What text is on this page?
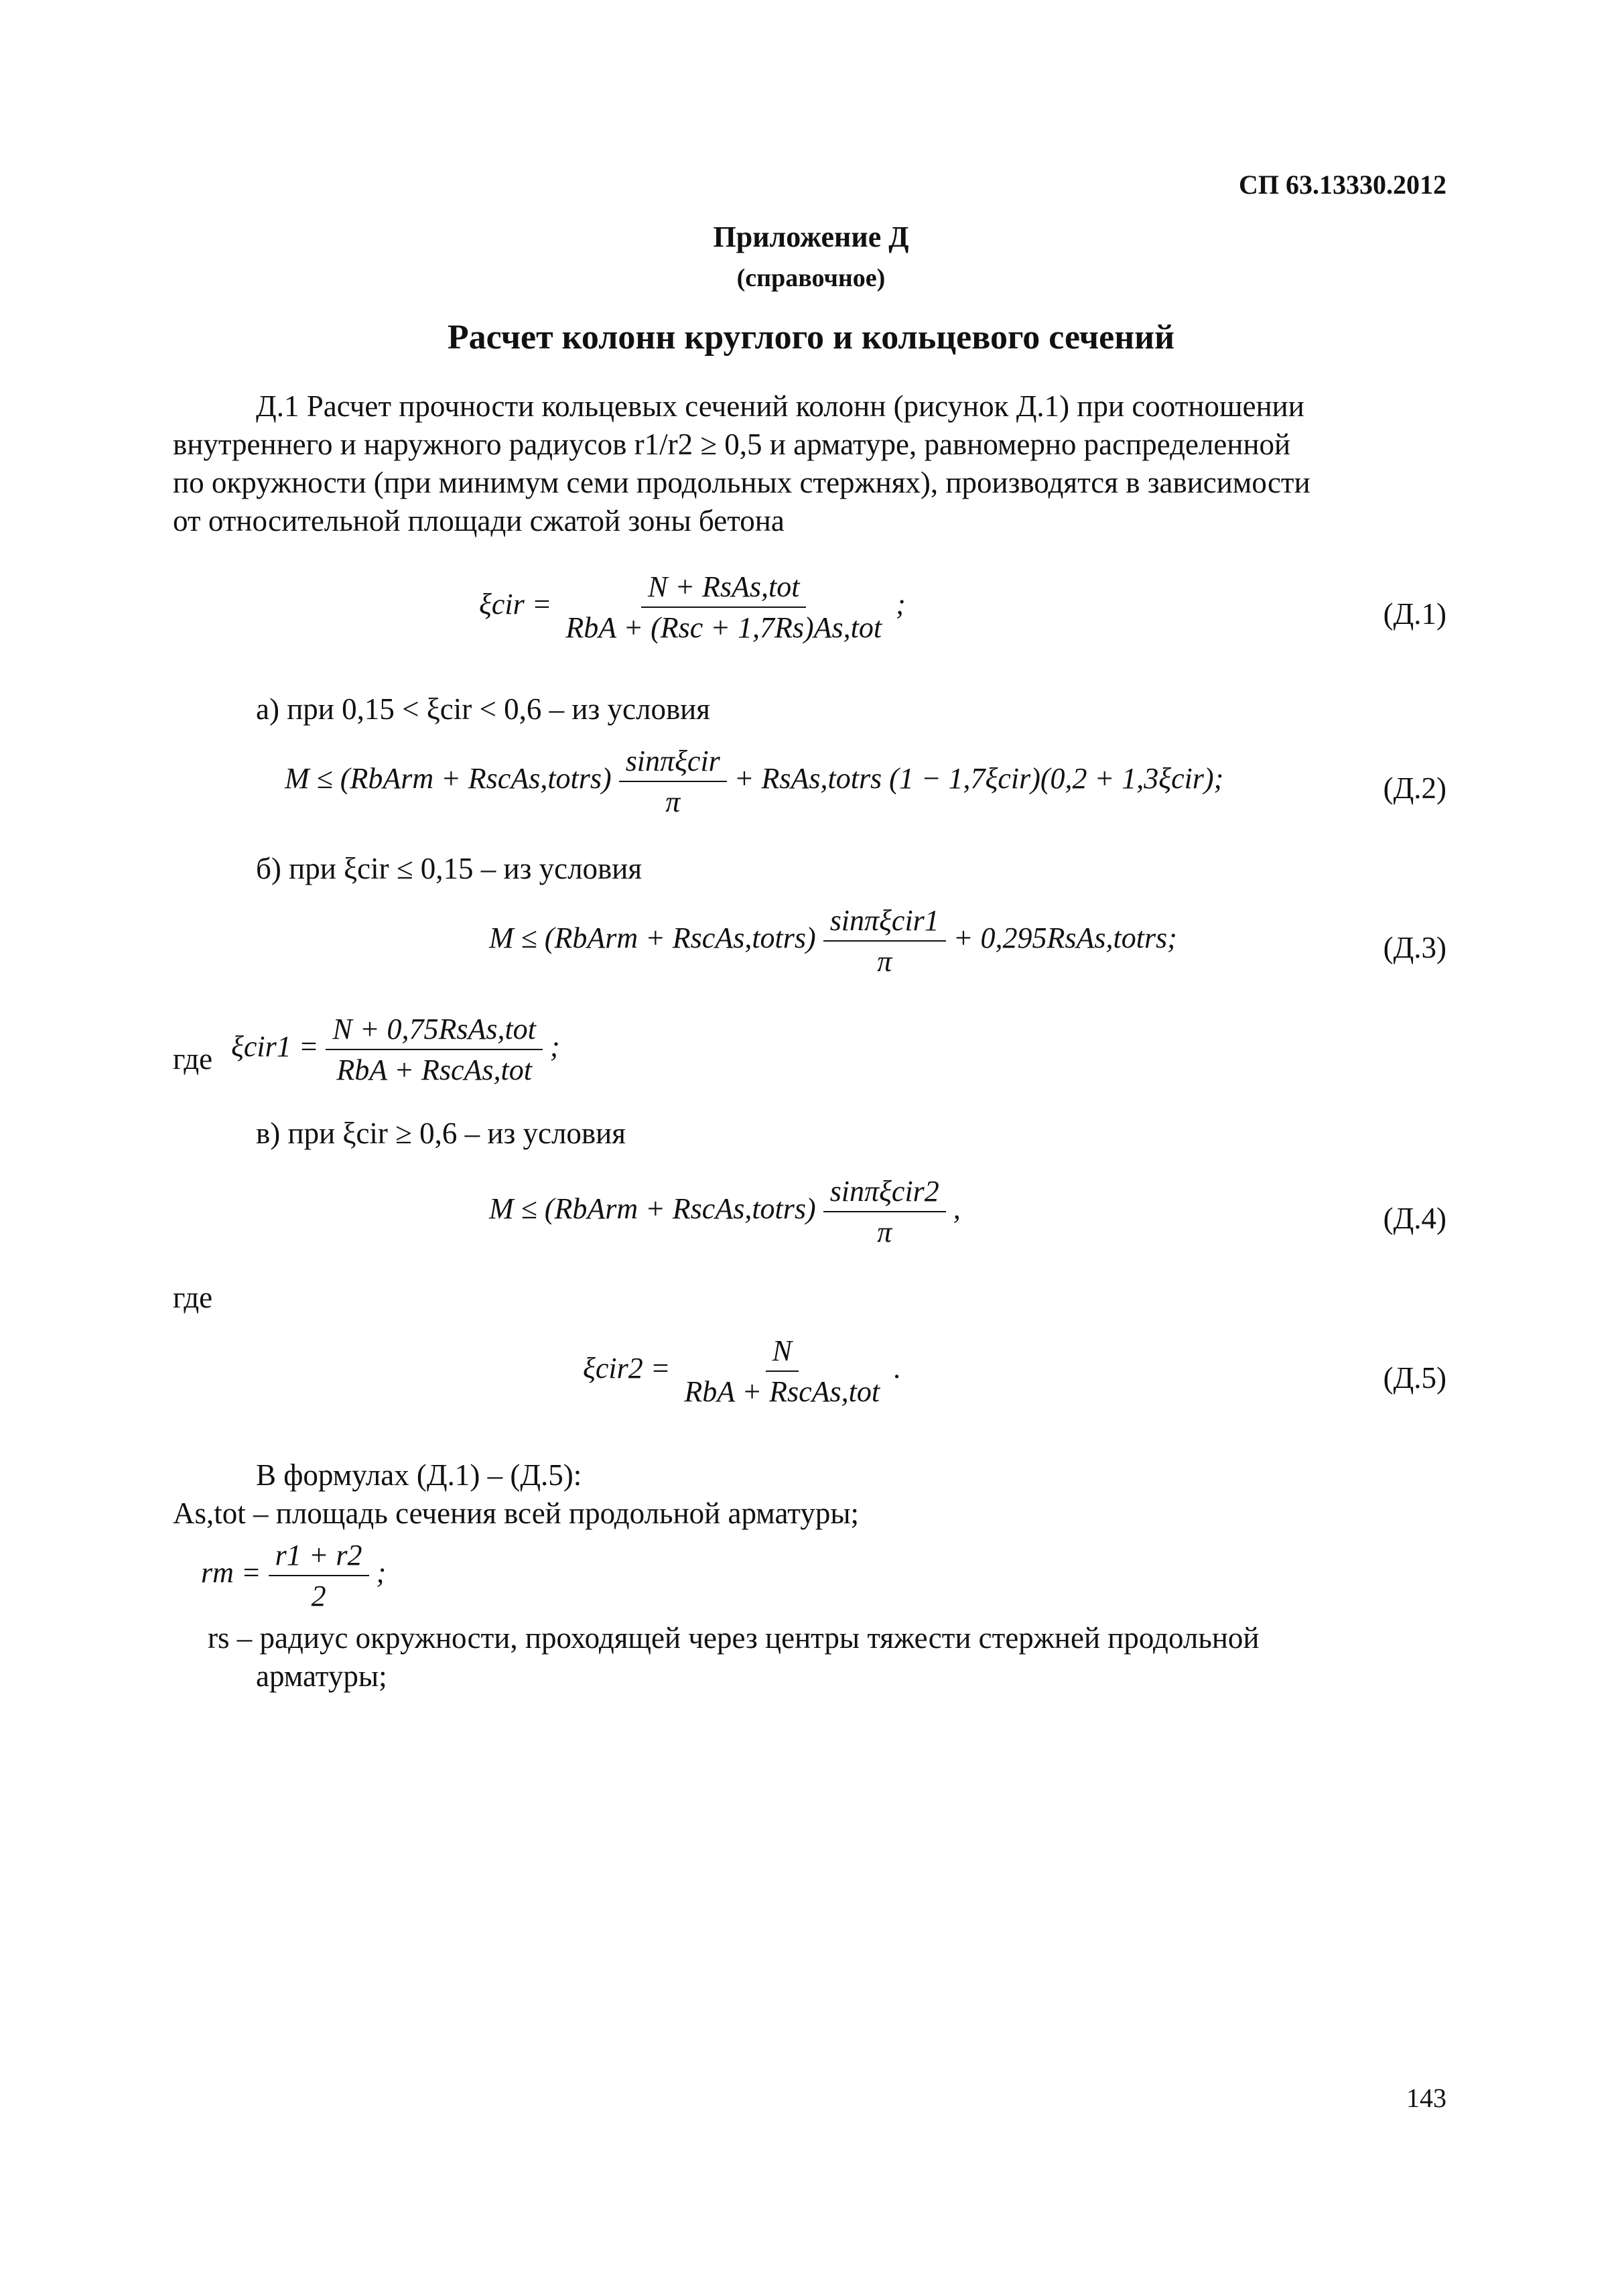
СП 63.13330.2012
Приложение Д
(справочное)
Расчет колонн круглого и кольцевого сечений
Д.1 Расчет прочности кольцевых сечений колонн (рисунок Д.1) при соотношении
внутреннего и наружного радиусов r1/r2 ≥ 0,5 и арматуре, равномерно распределенной
по окружности (при минимум семи продольных стержнях), производятся в зависимости
от относительной площади сжатой зоны бетона
$\xi cir = \frac{\text{N + RsAs,tot}}{\text{RbA + (Rsc + 1,7Rs)As,tot}}$ ;	(Д.1)
а) при 0,15 < ξcir < 0,6 – из условия
M ≤ (RbArm + RscAs,totrs) $\frac{\text{sinπξcir}}{\pi}$ + RsAs,totrs (1 − 1,7ξcir)(0,2 + 1,3ξcir);	(Д.2)
б) при ξcir ≤ 0,15 – из условия
M ≤ (RbArm + RscAs,totrs) $\frac{\text{sinπξcir1}}{\pi}$ + 0,295RsAs,totrs;	(Д.3)
где $\xi cir1 = \frac{\text{N + 0,75RsAs,tot}}{\text{RbA + RscAs,tot}}$ ;
в) при ξcir ≥ 0,6 – из условия
M ≤ (RbArm + RscAs,totrs) $\frac{\text{sinπξcir2}}{\pi}$ ,	(Д.4)
где
$\xi cir2 = \frac{N}{\text{RbA + RscAs,tot}}$ .	(Д.5)
В формулах (Д.1) – (Д.5):
As,tot – площадь сечения всей продольной арматуры;
rm = $\frac{r1 + r2}{2}$ ;
rs – радиус окружности, проходящей через центры тяжести стержней продольной
арматуры;
143
